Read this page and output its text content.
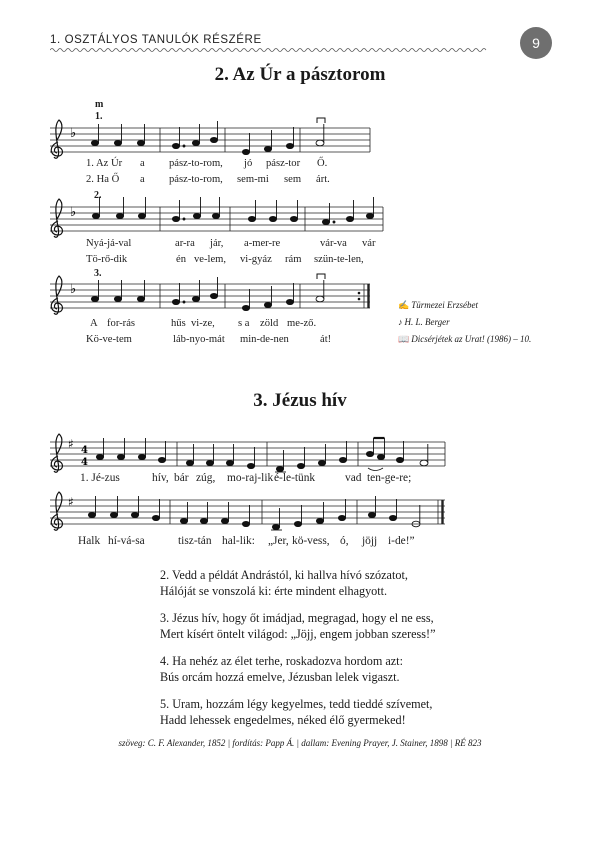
1. OSZTÁLYOS TANULÓK RÉSZÉRE	9
2. Az Úr a pásztorom
♭
♭
♭
♯ 4
4
♯
m
1.
2.
3.
1. Az Úr a pász-to-rom, jó pász-tor Ő.
2. Ha Ő a pász-to-rom, sem-mi sem árt.
Nyá-já-val	ar-ra jár, a-mer-re	vár-va vár
Tö-rő-dik	én ve-lem, vi-gyáz rám szün-te-len,
A for-rás	hűs vi-ze, s a zöld me-ző.
Kö-ve-tem	láb-nyo-mát min-de-nen	át!
✍ Türmezei Erzsébet
♪ H. L. Berger
📖 Dicsérjétek az Urat! (1986) – 10.
3. Jézus hív
1. Jé-zus	hív, bár zúg, mo-raj-lik é-le-tünk	vad ten-ge-re;
Halk hí-vá-sa	tisz-tán hal-lik: „Jer, kö-vess, ó, jöjj i-de!”
2. Vedd a példát Andrástól, ki hallva hívó szózatot,
Hálóját se vonszolá ki: érte mindent elhagyott.
3. Jézus hív, hogy őt imádjad, megragad, hogy el ne ess,
Mert kísért öntelt világod: „Jöjj, engem jobban szeress!”
4. Ha nehéz az élet terhe, roskadozva hordom azt:
Bús orcám hozzá emelve, Jézusban lelek vigaszt.
5. Uram, hozzám légy kegyelmes, tedd tieddé szívemet,
Hadd lehessek engedelmes, néked élő gyermeked!
szöveg: C. F. Alexander, 1852 | fordítás: Papp Á. | dallam: Evening Prayer, J. Stainer, 1898 | RÉ 823
